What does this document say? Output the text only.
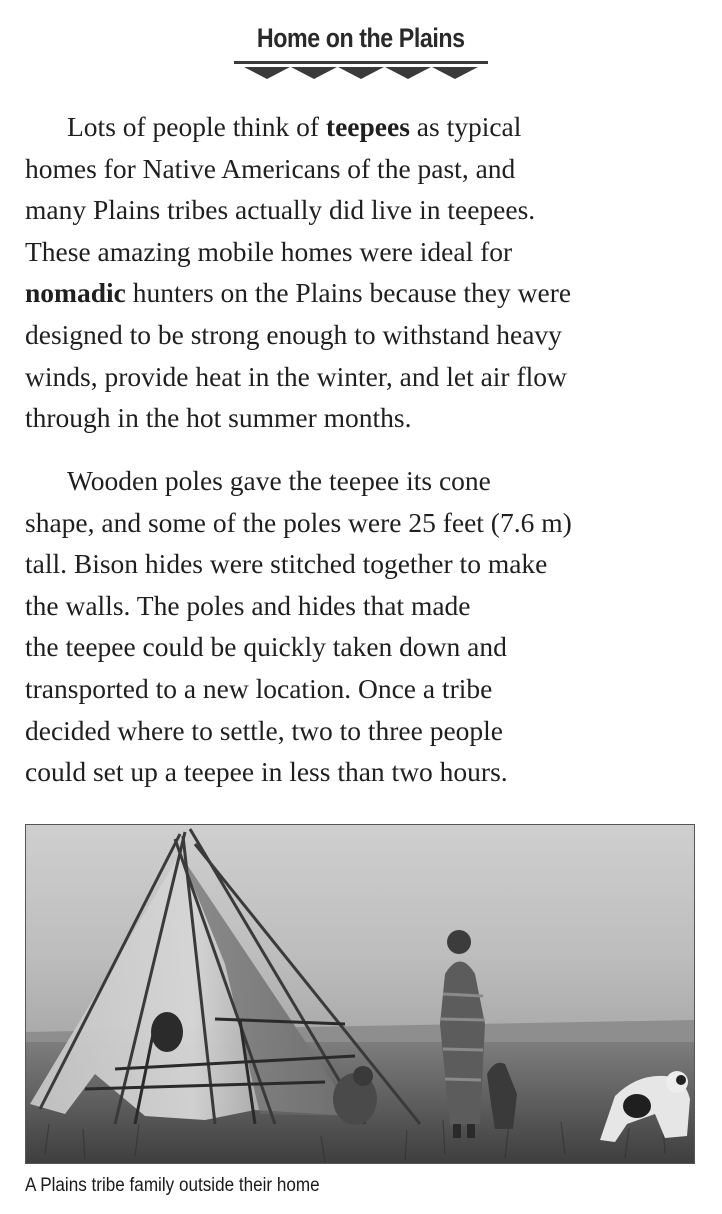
Home on the Plains

Lots of people think of teepees as typical
homes for Native Americans of the past, and
many Plains tribes actually did live in teepees.
These amazing mobile homes were ideal for
nomadic hunters on the Plains because they were
designed to be strong enough to withstand heavy
winds, provide heat in the winter, and let air flow
through in the hot summer months.

Wooden poles gave the teepee its cone
shape, and some of the poles were 25 feet (7.6 m)
tall. Bison hides were stitched together to make
the walls. The poles and hides that made
the teepee could be quickly taken down and
transported to a new location. Once a tribe
decided where to settle, two to three people
could set up a teepee in less than two hours.

A Plains tribe family outside their home
